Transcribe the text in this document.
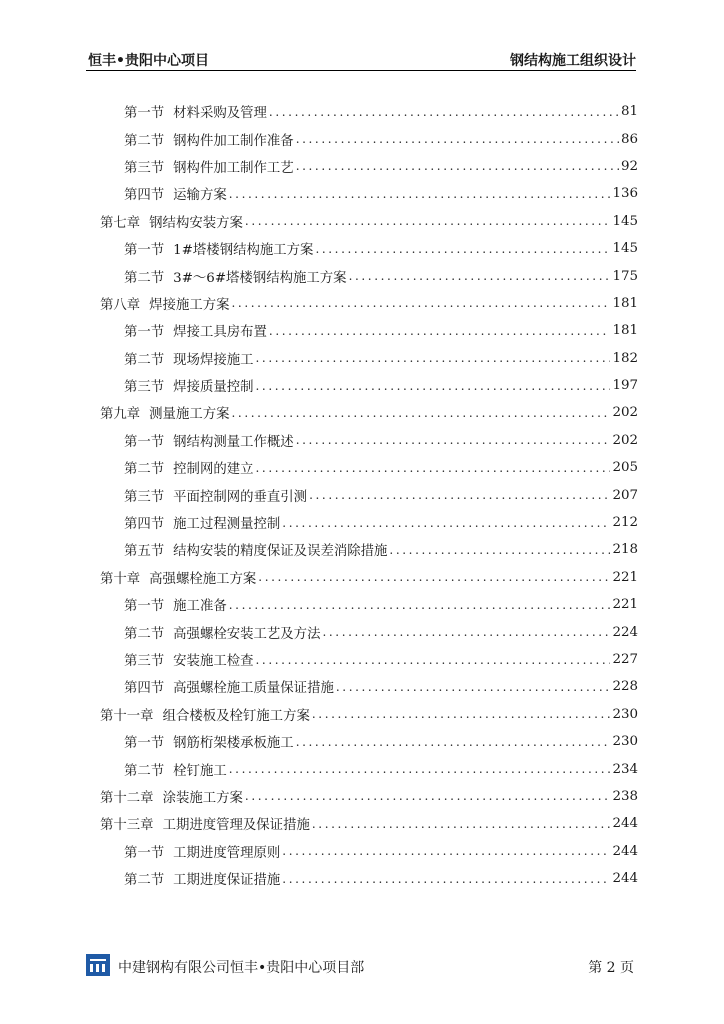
恒丰•贵阳中心项目	钢结构施工组织设计
第一节 材料采购及管理 .....	81
第二节 钢构件加工制作准备 .....	86
第三节 钢构件加工制作工艺 .....	92
第四节 运输方案 .....	136
第七章 钢结构安装方案 .....	145
第一节 1#塔楼钢结构施工方案 .....	145
第二节 3#～6#塔楼钢结构施工方案 .....	175
第八章 焊接施工方案 .....	181
第一节 焊接工具房布置 .....	181
第二节 现场焊接施工 .....	182
第三节 焊接质量控制 .....	197
第九章 测量施工方案 .....	202
第一节 钢结构测量工作概述 .....	202
第二节 控制网的建立 .....	205
第三节 平面控制网的垂直引测 .....	207
第四节 施工过程测量控制 .....	212
第五节 结构安装的精度保证及误差消除措施 .....	218
第十章 高强螺栓施工方案 .....	221
第一节 施工准备 .....	221
第二节 高强螺栓安装工艺及方法 .....	224
第三节 安装施工检查 .....	227
第四节 高强螺栓施工质量保证措施 .....	228
第十一章 组合楼板及栓钉施工方案 .....	230
第一节 钢筋桁架楼承板施工 .....	230
第二节 栓钉施工 .....	234
第十二章 涂装施工方案 .....	238
第十三章 工期进度管理及保证措施 .....	244
第一节 工期进度管理原则 .....	244
第二节 工期进度保证措施 .....	244
中建钢构有限公司恒丰•贵阳中心项目部	第 2 页
